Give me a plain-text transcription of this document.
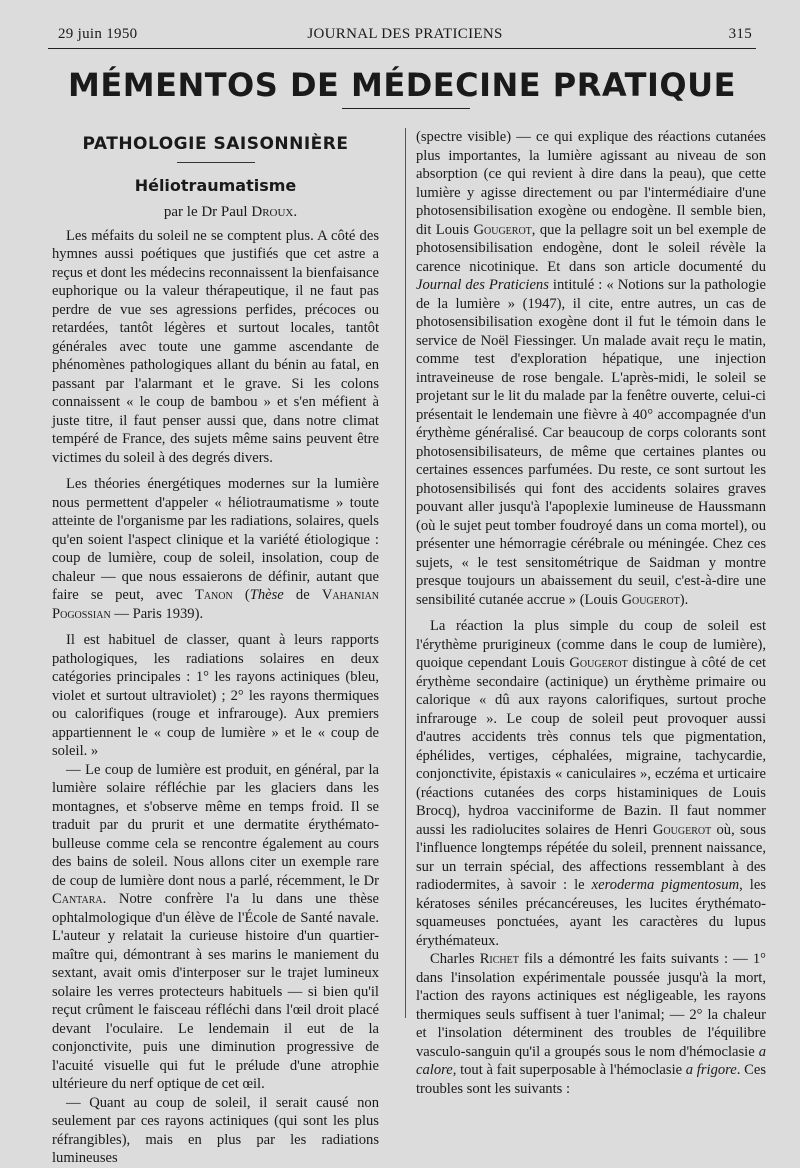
29 juin 1950	JOURNAL DES PRATICIENS	315
MÉMENTOS DE MÉDECINE PRATIQUE
PATHOLOGIE SAISONNIÈRE
Héliotraumatisme
par le Dr Paul Droux.

Les méfaits du soleil ne se comptent plus. A côté des hymnes aussi poétiques que justifiés que cet astre a reçus et dont les médecins reconnaissent la bienfaisance euphorique ou la valeur thérapeutique, il ne faut pas perdre de vue ses agressions perfides, précoces ou retardées, tantôt légères et surtout locales, tantôt générales avec toute une gamme ascendante de phénomènes pathologiques allant du bénin au fatal, en passant par l'alarmant et le grave. Si les colons connaissent « le coup de bambou » et s'en méfient à juste titre, il faut penser aussi que, dans notre climat tempéré de France, des sujets même sains peuvent être victimes du soleil à des degrés divers.

Les théories énergétiques modernes sur la lumière nous permettent d'appeler « héliotraumatisme » toute atteinte de l'organisme par les radiations, solaires, quels qu'en soient l'aspect clinique et la variété étiologique : coup de lumière, coup de soleil, insolation, coup de chaleur — que nous essaierons de définir, autant que faire se peut, avec Tanon (Thèse de Vahanian Pogossian — Paris 1939).

Il est habituel de classer, quant à leurs rapports pathologiques, les radiations solaires en deux catégories principales : 1° les rayons actiniques (bleu, violet et surtout ultraviolet) ; 2° les rayons thermiques ou calorifiques (rouge et infrarouge). Aux premiers appartiennent le « coup de lumière » et le « coup de soleil. »

— Le coup de lumière est produit, en général, par la lumière solaire réfléchie par les glaciers dans les montagnes, et s'observe même en temps froid. Il se traduit par du prurit et une dermatite érythémato-bulleuse comme cela se rencontre également au cours des bains de soleil. Nous allons citer un exemple rare de coup de lumière dont nous a parlé, récemment, le Dr Cantara. Notre confrère l'a lu dans une thèse ophtalmologique d'un élève de l'École de Santé navale. L'auteur y relatait la curieuse histoire d'un quartier-maître qui, démontrant à ses marins le maniement du sextant, avait omis d'interposer sur le trajet lumineux solaire les verres protecteurs habituels — si bien qu'il reçut crûment le faisceau réfléchi dans l'œil droit placé devant l'oculaire. Le lendemain il eut de la conjonctivite, puis une diminution progressive de l'acuité visuelle qui fut le prélude d'une atrophie ultérieure du nerf optique de cet œil.

— Quant au coup de soleil, il serait causé non seulement par ces rayons actiniques (qui sont les plus réfrangibles), mais en plus par les radiations lumineuses

(spectre visible) — ce qui explique des réactions cutanées plus importantes, la lumière agissant au niveau de son absorption (ce qui revient à dire dans la peau), que cette lumière y agisse directement ou par l'intermédiaire d'une photosensibilisation exogène ou endogène. Il semble bien, dit Louis Gougerot, que la pellagre soit un bel exemple de photosensibilisation endogène, dont le soleil révèle la carence nicotinique. Et dans son article documenté du Journal des Praticiens intitulé : « Notions sur la pathologie de la lumière » (1947), il cite, entre autres, un cas de photosensibilisation exogène dont il fut le témoin dans le service de Noël Fiessinger. Un malade avait reçu le matin, comme test d'exploration hépatique, une injection intraveineuse de rose bengale. L'après-midi, le soleil se projetant sur le lit du malade par la fenêtre ouverte, celui-ci présentait le lendemain une fièvre à 40° accompagnée d'un érythème généralisé. Car beaucoup de corps colorants sont photosensibilisateurs, de même que certaines plantes ou certaines essences parfumées. Du reste, ce sont surtout les photosensibilisés qui font des accidents solaires graves pouvant aller jusqu'à l'apoplexie lumineuse de Haussmann (où le sujet peut tomber foudroyé dans un coma mortel), ou présenter une hémorragie cérébrale ou méningée. Chez ces sujets, « le test sensitométrique de Saidman y montre presque toujours un abaissement du seuil, c'est-à-dire une sensibilité cutanée accrue » (Louis Gougerot).

La réaction la plus simple du coup de soleil est l'érythème prurigineux (comme dans le coup de lumière), quoique cependant Louis Gougerot distingue à côté de cet érythème secondaire (actinique) un érythème primaire ou calorique « dû aux rayons calorifiques, surtout proche infrarouge ». Le coup de soleil peut provoquer aussi d'autres accidents très connus tels que pigmentation, éphélides, vertiges, céphalées, migraine, tachycardie, conjonctivite, épistaxis « caniculaires », eczéma et urticaire (réactions cutanées des corps histaminiques de Louis Brocq), hydroa vacciniforme de Bazin. Il faut nommer aussi les radiolucites solaires de Henri Gougerot où, sous l'influence longtemps répétée du soleil, prennent naissance, sur un terrain spécial, des affections ressemblant à des radiodermites, à savoir : le xeroderma pigmentosum, les kératoses séniles précancéreuses, les lucites érythémato-squameuses ponctuées, ayant les caractères du lupus érythémateux.

Charles Richet fils a démontré les faits suivants : — 1° dans l'insolation expérimentale poussée jusqu'à la mort, l'action des rayons actiniques est négligeable, les rayons thermiques seuls suffisent à tuer l'animal; — 2° la chaleur et l'insolation déterminent des troubles de l'équilibre vasculo-sanguin qu'il a groupés sous le nom d'hémoclasie a calore, tout à fait superposable à l'hémoclasie a frigore. Ces troubles sont les suivants :
